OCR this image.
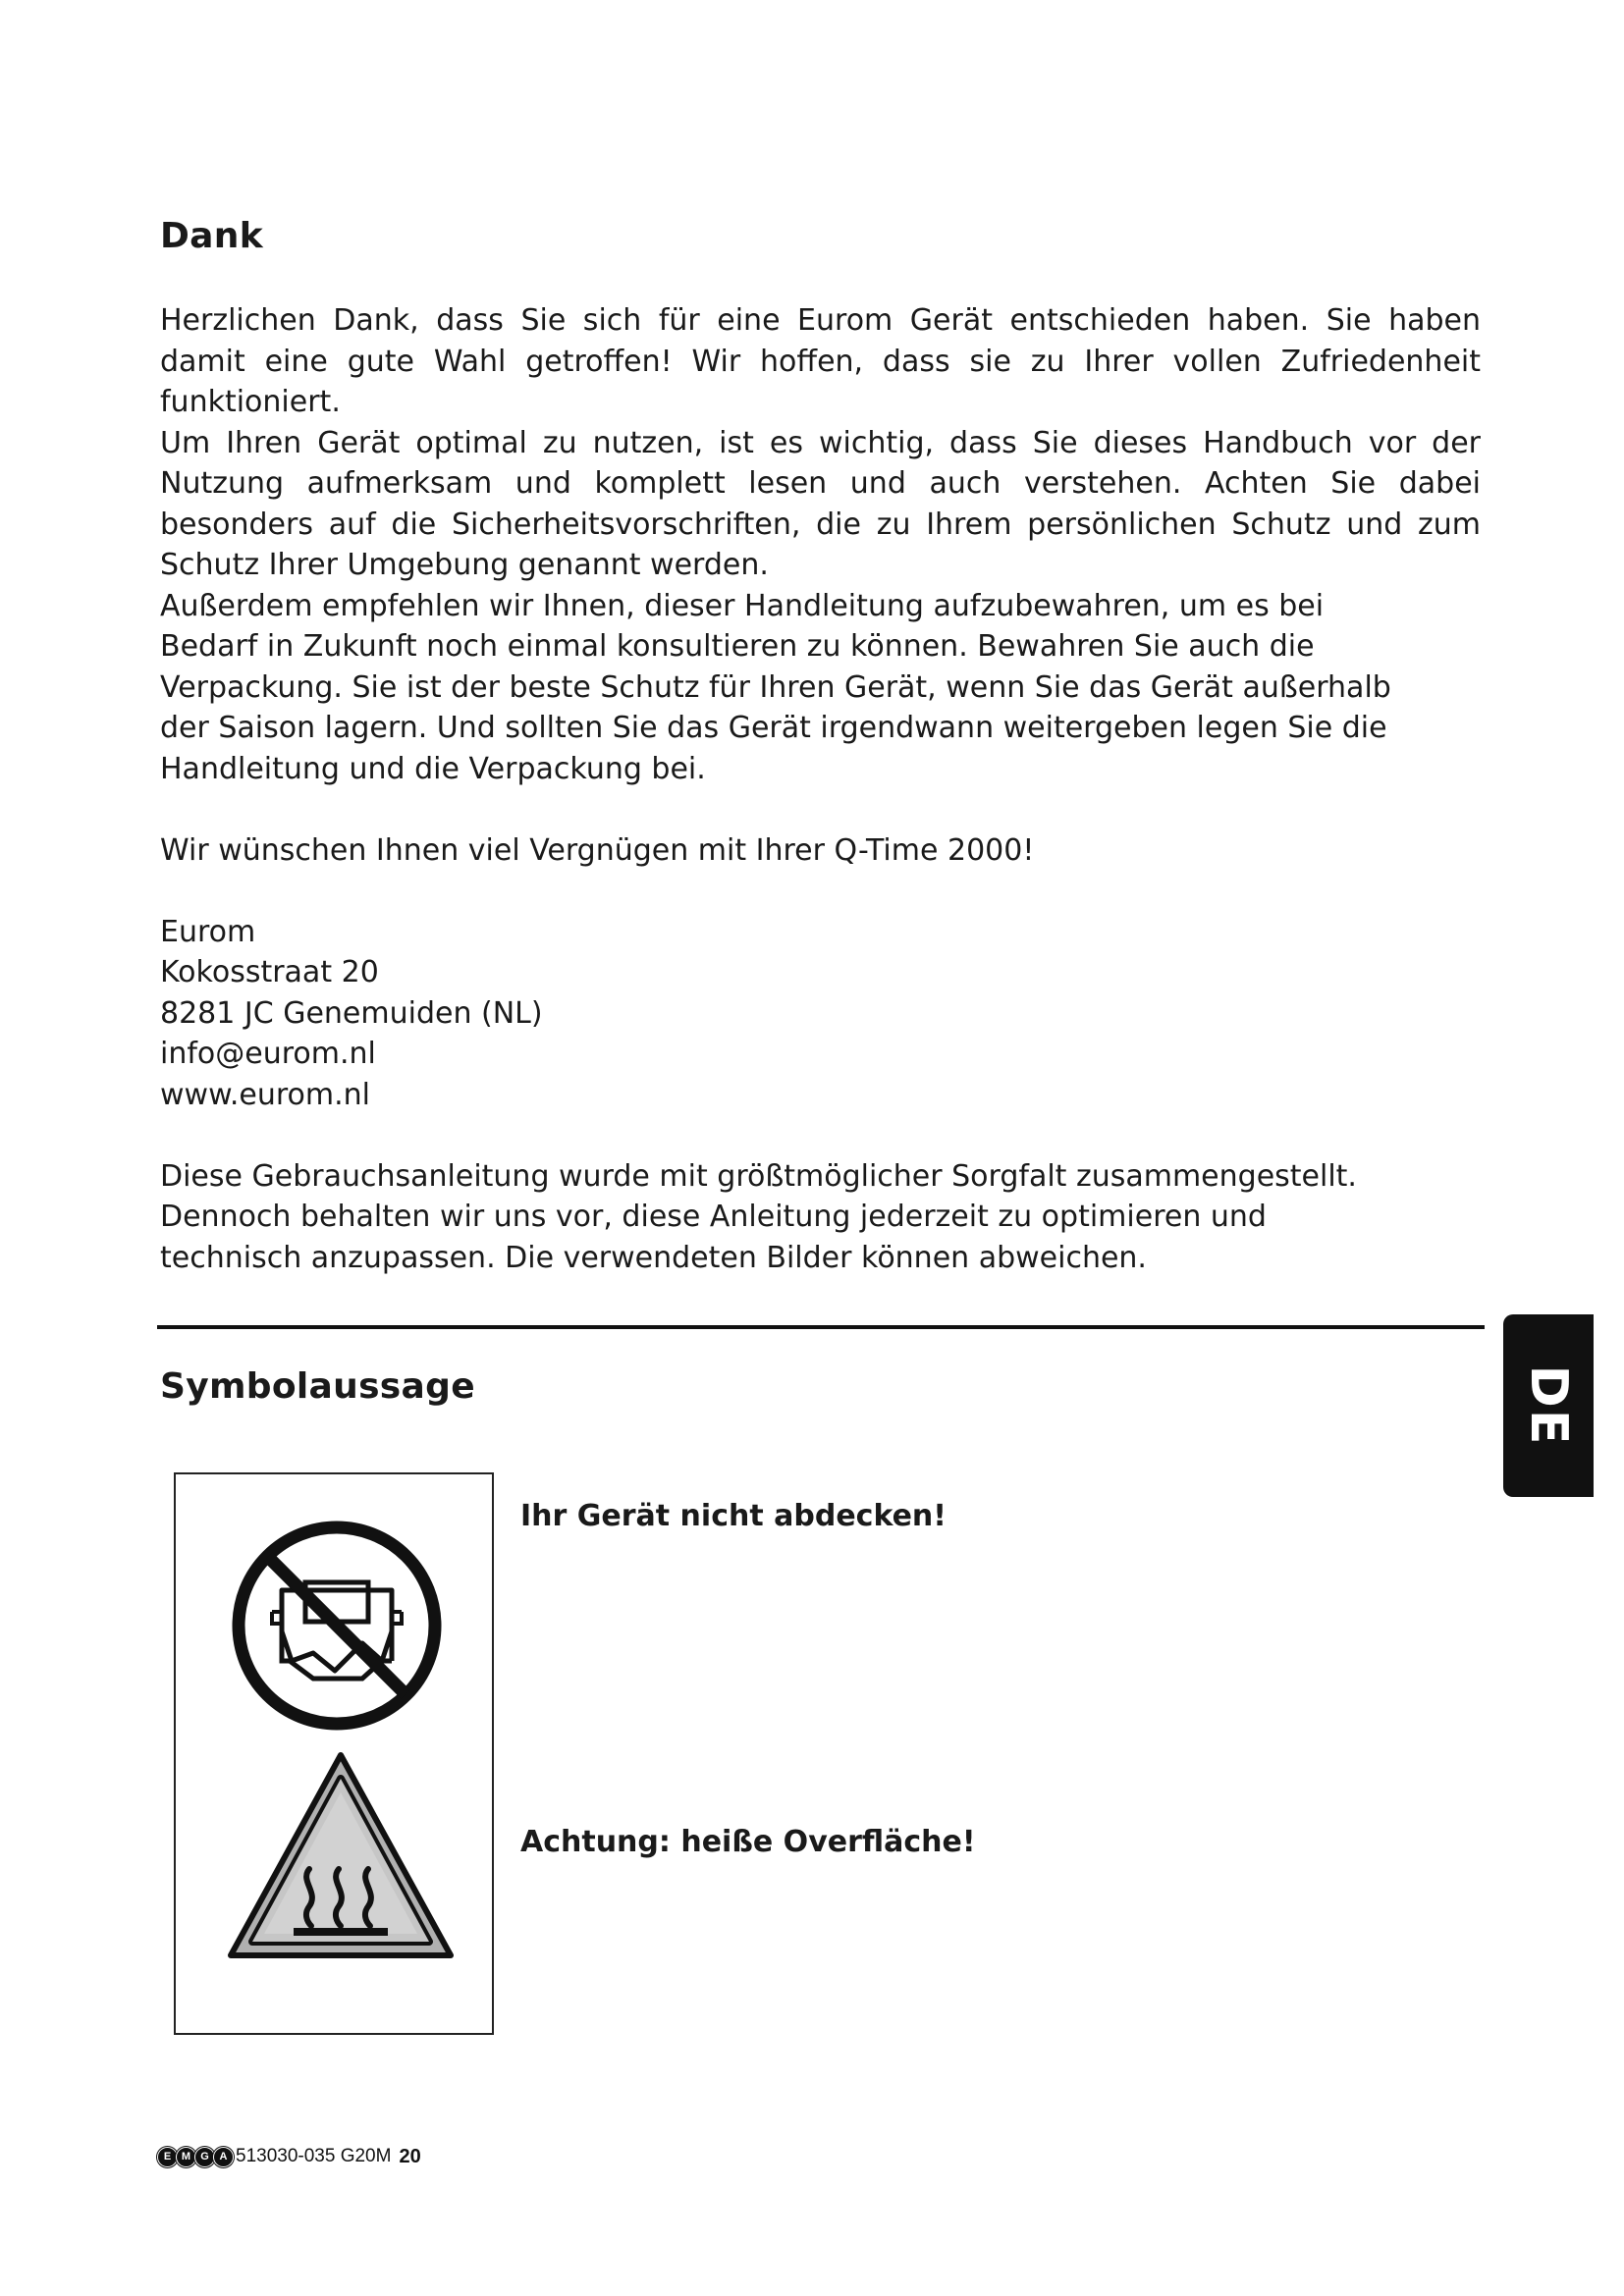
Dank
Herzlichen Dank, dass Sie sich für eine Eurom Gerät entschieden haben. Sie haben
damit eine gute Wahl getroffen! Wir hoffen, dass sie zu Ihrer vollen Zufriedenheit
funktioniert.
Um Ihren Gerät optimal zu nutzen, ist es wichtig, dass Sie dieses Handbuch vor der
Nutzung aufmerksam und komplett lesen und auch verstehen. Achten Sie dabei
besonders auf die Sicherheitsvorschriften, die zu Ihrem persönlichen Schutz und zum
Schutz Ihrer Umgebung genannt werden.
Außerdem empfehlen wir Ihnen, dieser Handleitung aufzubewahren, um es bei
Bedarf in Zukunft noch einmal konsultieren zu können. Bewahren Sie auch die
Verpackung. Sie ist der beste Schutz für Ihren Gerät, wenn Sie das Gerät außerhalb
der Saison lagern. Und sollten Sie das Gerät irgendwann weitergeben legen Sie die
Handleitung und die Verpackung bei.
Wir wünschen Ihnen viel Vergnügen mit Ihrer Q-Time 2000!
Eurom
Kokosstraat 20
8281 JC Genemuiden (NL)
info@eurom.nl
www.eurom.nl
Diese Gebrauchsanleitung wurde mit größtmöglicher Sorgfalt zusammengestellt.
Dennoch behalten wir uns vor, diese Anleitung jederzeit zu optimieren und
technisch anzupassen. Die verwendeten Bilder können abweichen.
Symbolaussage
Ihr Gerät nicht abdecken!
Achtung: heiße Overfläche!
DE
E M G A 513030-035 G20M 20
